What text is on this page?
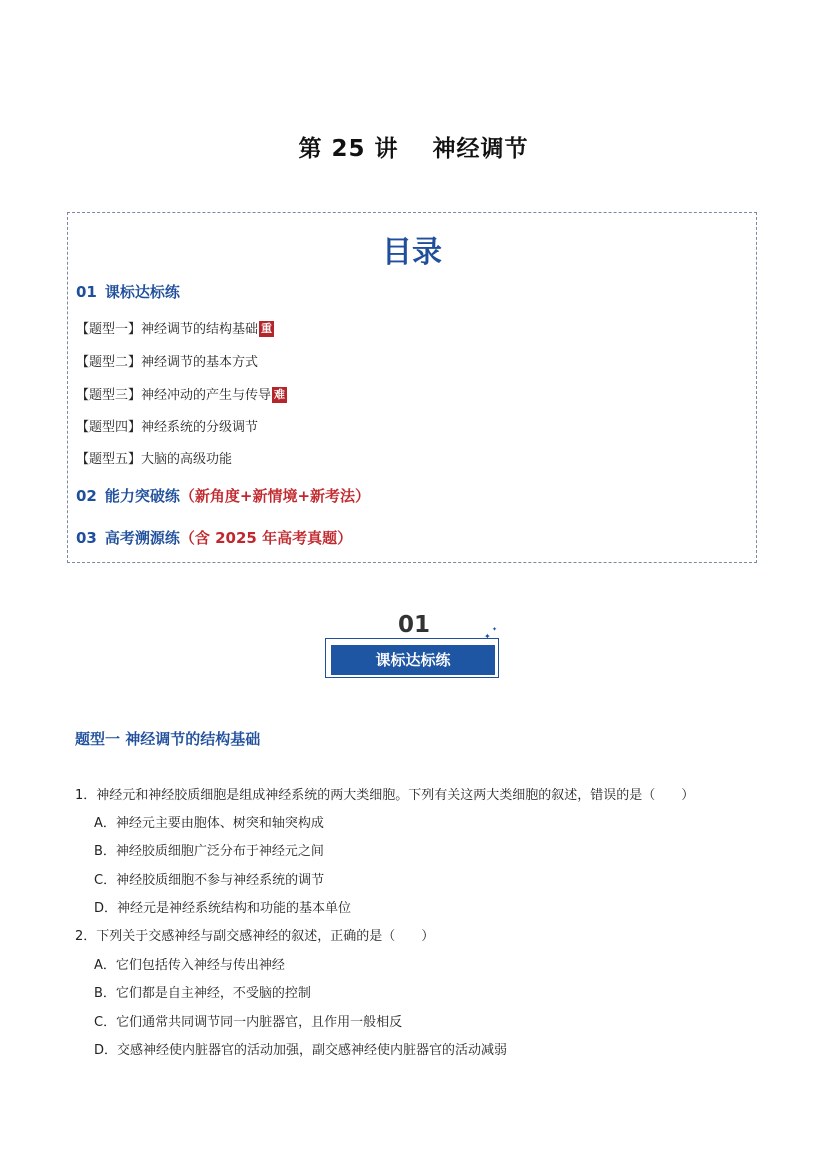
第 25 讲 神经调节
目录
01 课标达标练
【题型一】神经调节的结构基础 重
【题型二】神经调节的基本方式
【题型三】神经冲动的产生与传导 难
【题型四】神经系统的分级调节
【题型五】大脑的高级功能
02 能力突破练（新角度+新情境+新考法）
03 高考溯源练（含 2025 年高考真题）
01
课标达标练
✦
✦
题型一 神经调节的结构基础
1．神经元和神经胶质细胞是组成神经系统的两大类细胞。下列有关这两大类细胞的叙述，错误的是（　　）
A．神经元主要由胞体、树突和轴突构成
B．神经胶质细胞广泛分布于神经元之间
C．神经胶质细胞不参与神经系统的调节
D．神经元是神经系统结构和功能的基本单位
2．下列关于交感神经与副交感神经的叙述，正确的是（　　）
A．它们包括传入神经与传出神经
B．它们都是自主神经，不受脑的控制
C．它们通常共同调节同一内脏器官，且作用一般相反
D．交感神经使内脏器官的活动加强，副交感神经使内脏器官的活动减弱
